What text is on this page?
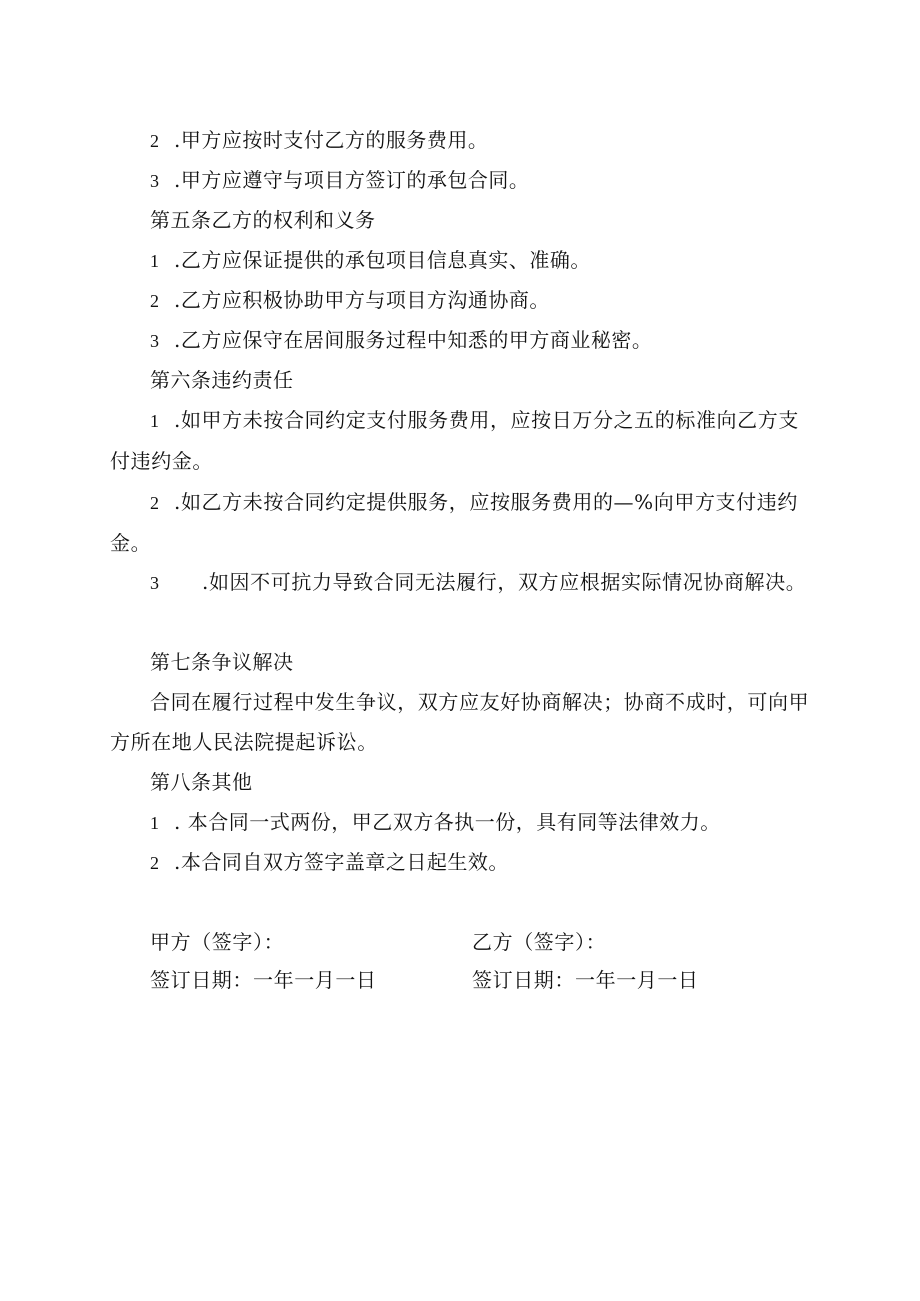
2 .甲方应按时支付乙方的服务费用。
3 .甲方应遵守与项目方签订的承包合同。
第五条乙方的权利和义务
1 .乙方应保证提供的承包项目信息真实、准确。
2 .乙方应积极协助甲方与项目方沟通协商。
3 .乙方应保守在居间服务过程中知悉的甲方商业秘密。
第六条违约责任
1 .如甲方未按合同约定支付服务费用，应按日万分之五的标准向乙方支付违约金。
2 .如乙方未按合同约定提供服务，应按服务费用的—%向甲方支付违约金。
3 .如因不可抗力导致合同无法履行，双方应根据实际情况协商解决。
第七条争议解决
合同在履行过程中发生争议，双方应友好协商解决；协商不成时，可向甲方所在地人民法院提起诉讼。
第八条其他
1 . 本合同一式两份，甲乙双方各执一份，具有同等法律效力。
2 .本合同自双方签字盖章之日起生效。
甲方（签字）：
签订日期：一年一月一日
乙方（签字）：
签订日期：一年一月一日
